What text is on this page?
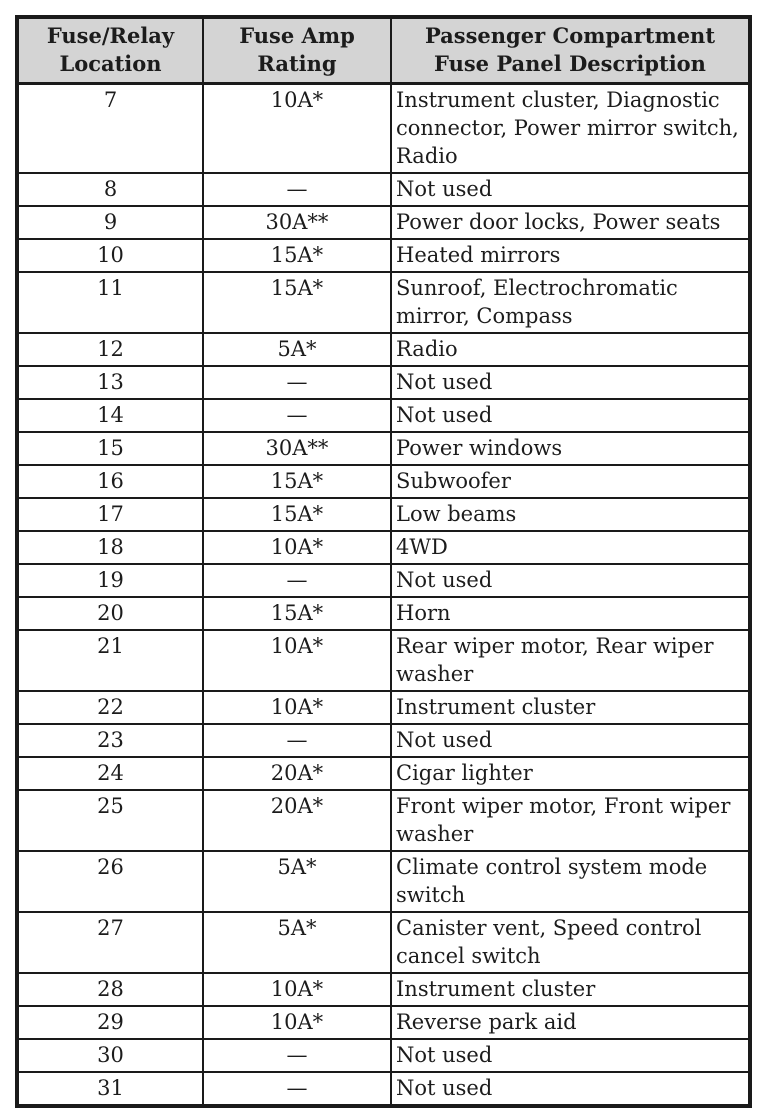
Fuse/Relay Location	Fuse Amp Rating	Passenger Compartment Fuse Panel Description
7	10A*	Instrument cluster, Diagnostic connector, Power mirror switch, Radio
8	—	Not used
9	30A**	Power door locks, Power seats
10	15A*	Heated mirrors
11	15A*	Sunroof, Electrochromatic mirror, Compass
12	5A*	Radio
13	—	Not used
14	—	Not used
15	30A**	Power windows
16	15A*	Subwoofer
17	15A*	Low beams
18	10A*	4WD
19	—	Not used
20	15A*	Horn
21	10A*	Rear wiper motor, Rear wiper washer
22	10A*	Instrument cluster
23	—	Not used
24	20A*	Cigar lighter
25	20A*	Front wiper motor, Front wiper washer
26	5A*	Climate control system mode switch
27	5A*	Canister vent, Speed control cancel switch
28	10A*	Instrument cluster
29	10A*	Reverse park aid
30	—	Not used
31	—	Not used
